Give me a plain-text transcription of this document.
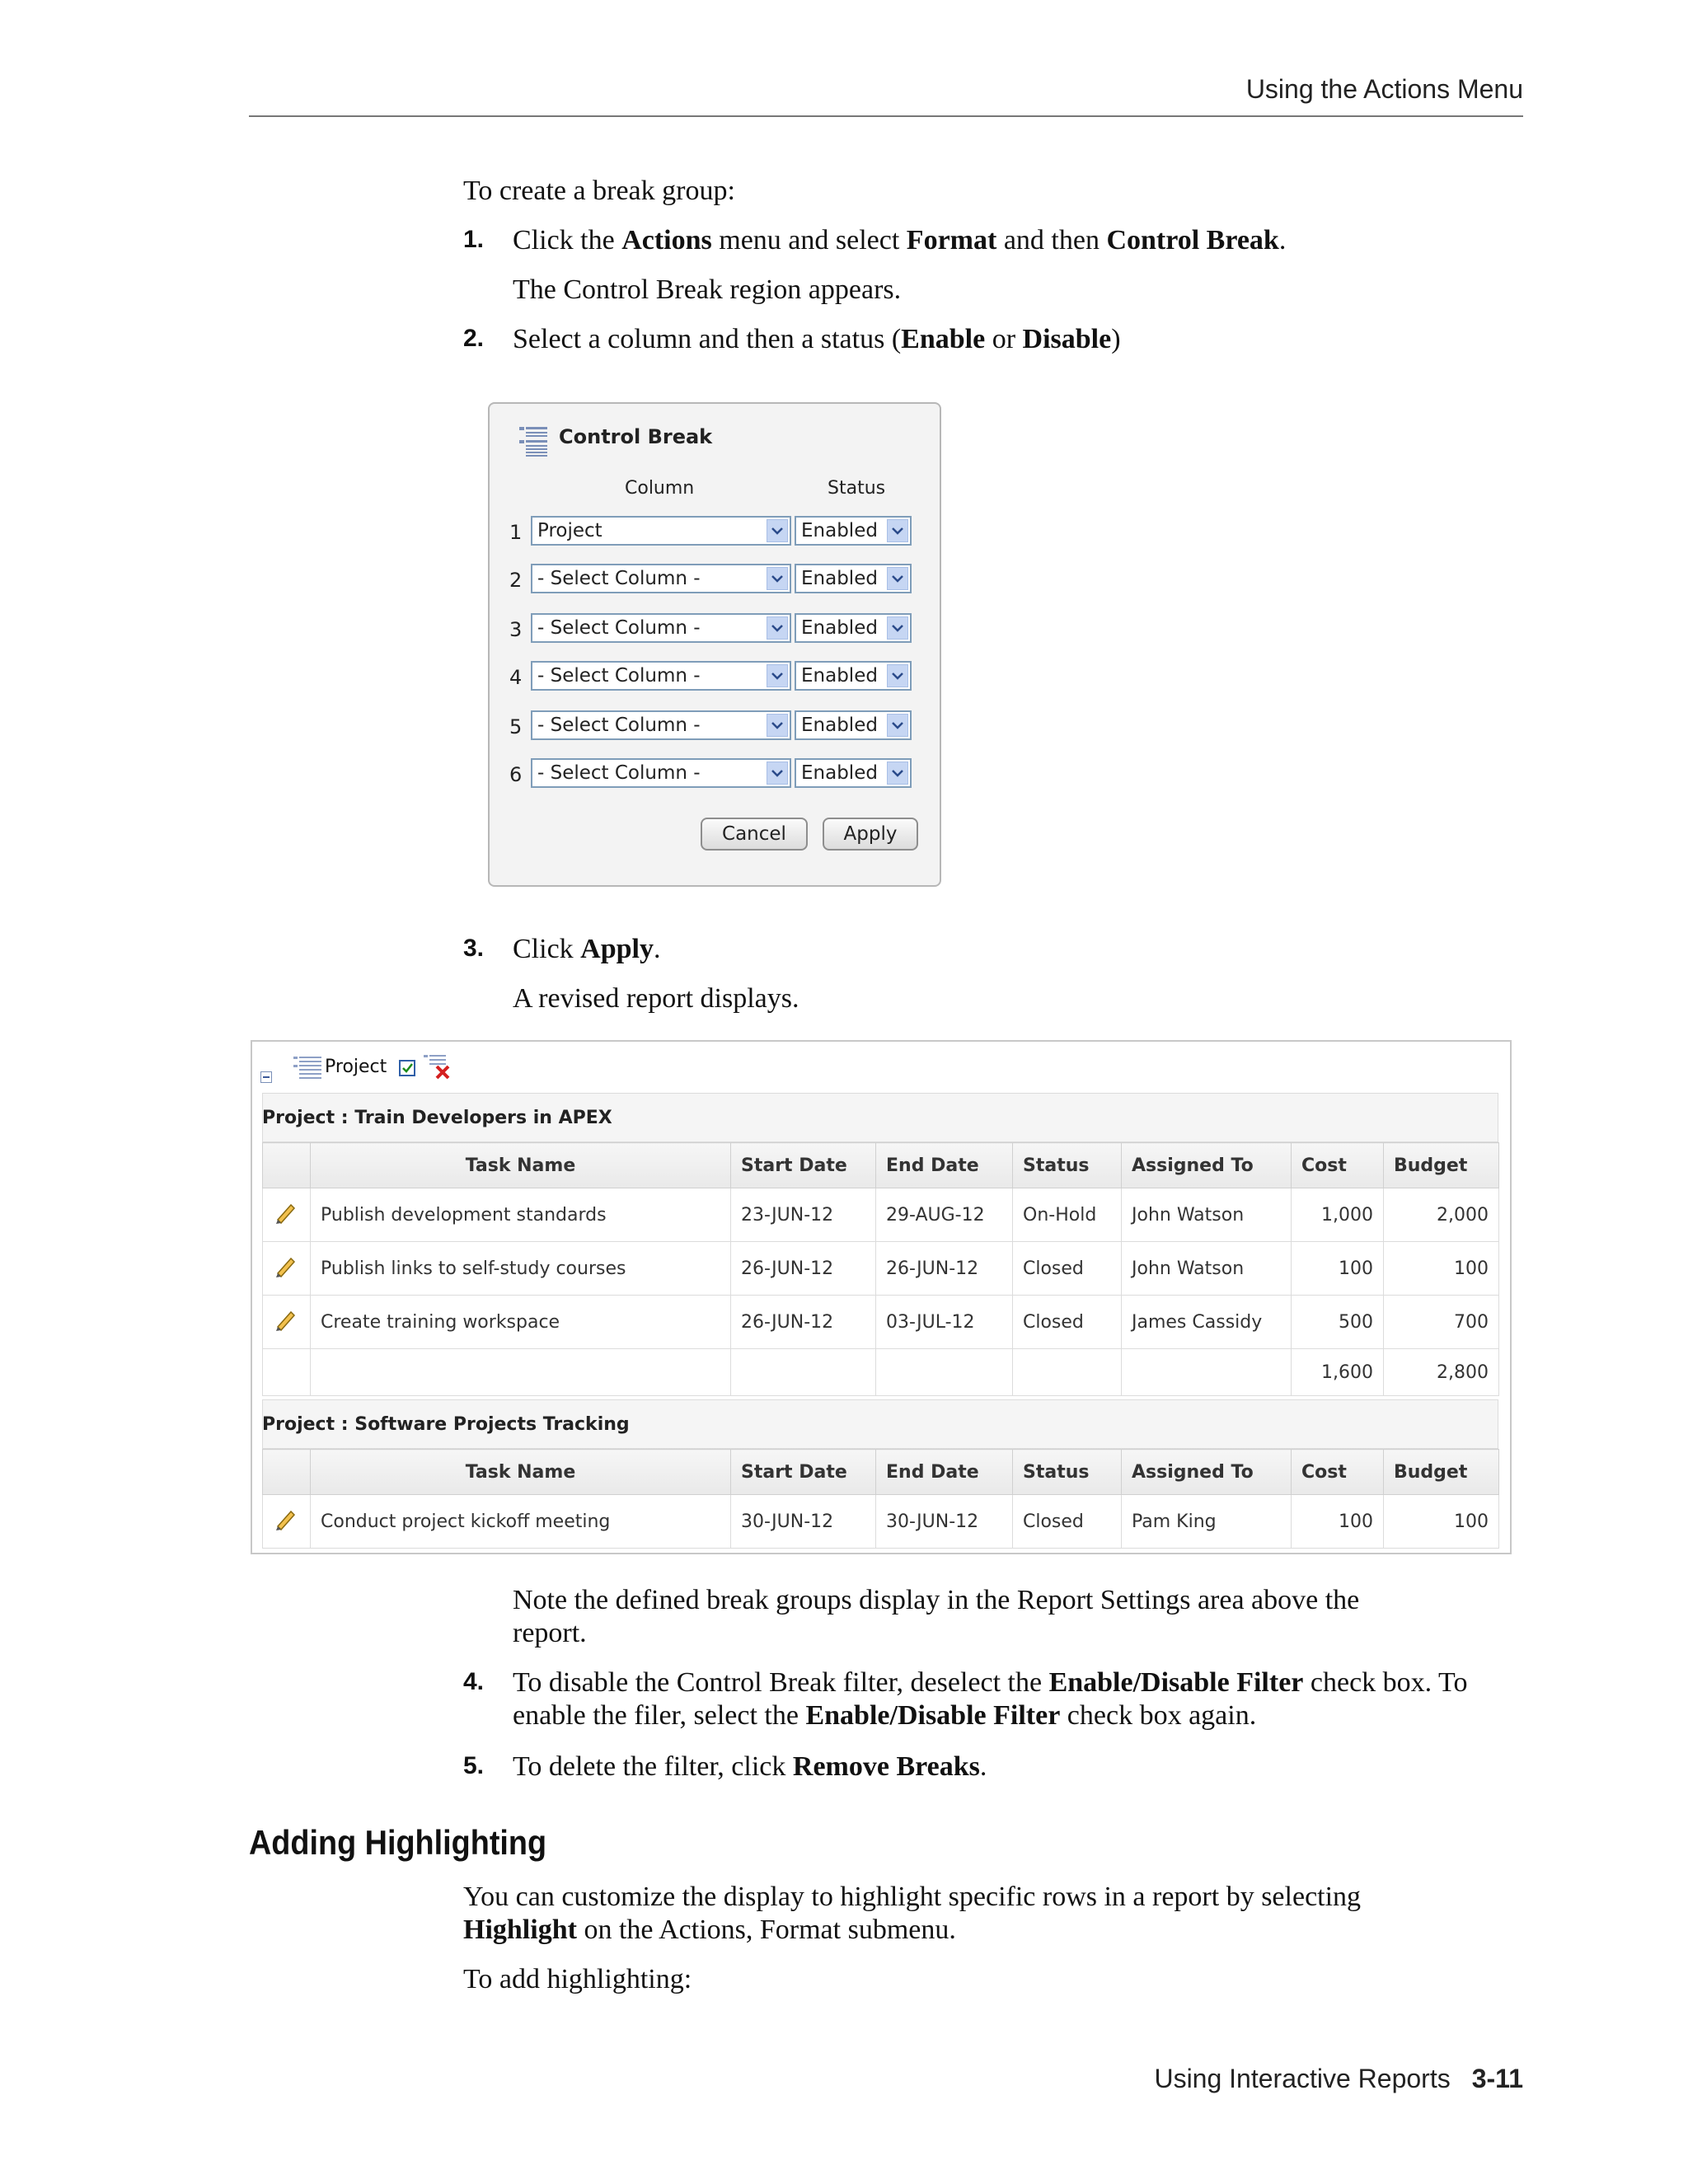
Using the Actions Menu
To create a break group:
1. Click the Actions menu and select Format and then Control Break.
The Control Break region appears.
2. Select a column and then a status (Enable or Disable)
Control Break
Column	Status
1 Project	Enabled
2 - Select Column -	Enabled
3 - Select Column -	Enabled
4 - Select Column -	Enabled
5 - Select Column -	Enabled
6 - Select Column -	Enabled
Cancel	Apply
3. Click Apply.
A revised report displays.
Project
Project : Train Developers in APEX
	Task Name	Start Date	End Date	Status	Assigned To	Cost	Budget
	Publish development standards	23-JUN-12	29-AUG-12	On-Hold	John Watson	1,000	2,000
	Publish links to self-study courses	26-JUN-12	26-JUN-12	Closed	John Watson	100	100
	Create training workspace	26-JUN-12	03-JUL-12	Closed	James Cassidy	500	700
						1,600	2,800
Project : Software Projects Tracking
	Task Name	Start Date	End Date	Status	Assigned To	Cost	Budget
	Conduct project kickoff meeting	30-JUN-12	30-JUN-12	Closed	Pam King	100	100
Note the defined break groups display in the Report Settings area above the
report.
4. To disable the Control Break filter, deselect the Enable/Disable Filter check box. To
enable the filer, select the Enable/Disable Filter check box again.
5. To delete the filter, click Remove Breaks.
Adding Highlighting
You can customize the display to highlight specific rows in a report by selecting
Highlight on the Actions, Format submenu.
To add highlighting:
Using Interactive Reports 3-11
